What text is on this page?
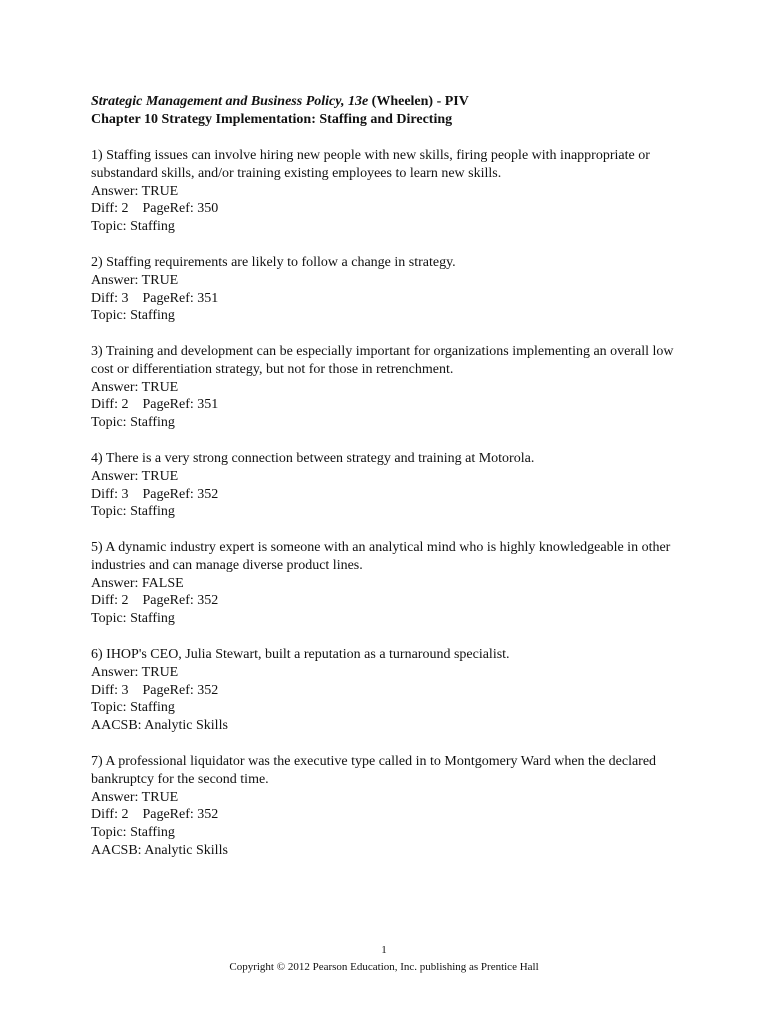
Strategic Management and Business Policy, 13e (Wheelen) - PIV
Chapter 10 Strategy Implementation: Staffing and Directing
1) Staffing issues can involve hiring new people with new skills, firing people with inappropriate or substandard skills, and/or training existing employees to learn new skills.
Answer: TRUE
Diff: 2    PageRef: 350
Topic: Staffing
2) Staffing requirements are likely to follow a change in strategy.
Answer: TRUE
Diff: 3    PageRef: 351
Topic: Staffing
3) Training and development can be especially important for organizations implementing an overall low cost or differentiation strategy, but not for those in retrenchment.
Answer: TRUE
Diff: 2    PageRef: 351
Topic: Staffing
4) There is a very strong connection between strategy and training at Motorola.
Answer: TRUE
Diff: 3    PageRef: 352
Topic: Staffing
5) A dynamic industry expert is someone with an analytical mind who is highly knowledgeable in other industries and can manage diverse product lines.
Answer: FALSE
Diff: 2    PageRef: 352
Topic: Staffing
6) IHOP's CEO, Julia Stewart, built a reputation as a turnaround specialist.
Answer: TRUE
Diff: 3    PageRef: 352
Topic: Staffing
AACSB: Analytic Skills
7) A professional liquidator was the executive type called in to Montgomery Ward when the declared bankruptcy for the second time.
Answer: TRUE
Diff: 2    PageRef: 352
Topic: Staffing
AACSB: Analytic Skills
1
Copyright © 2012 Pearson Education, Inc. publishing as Prentice Hall
